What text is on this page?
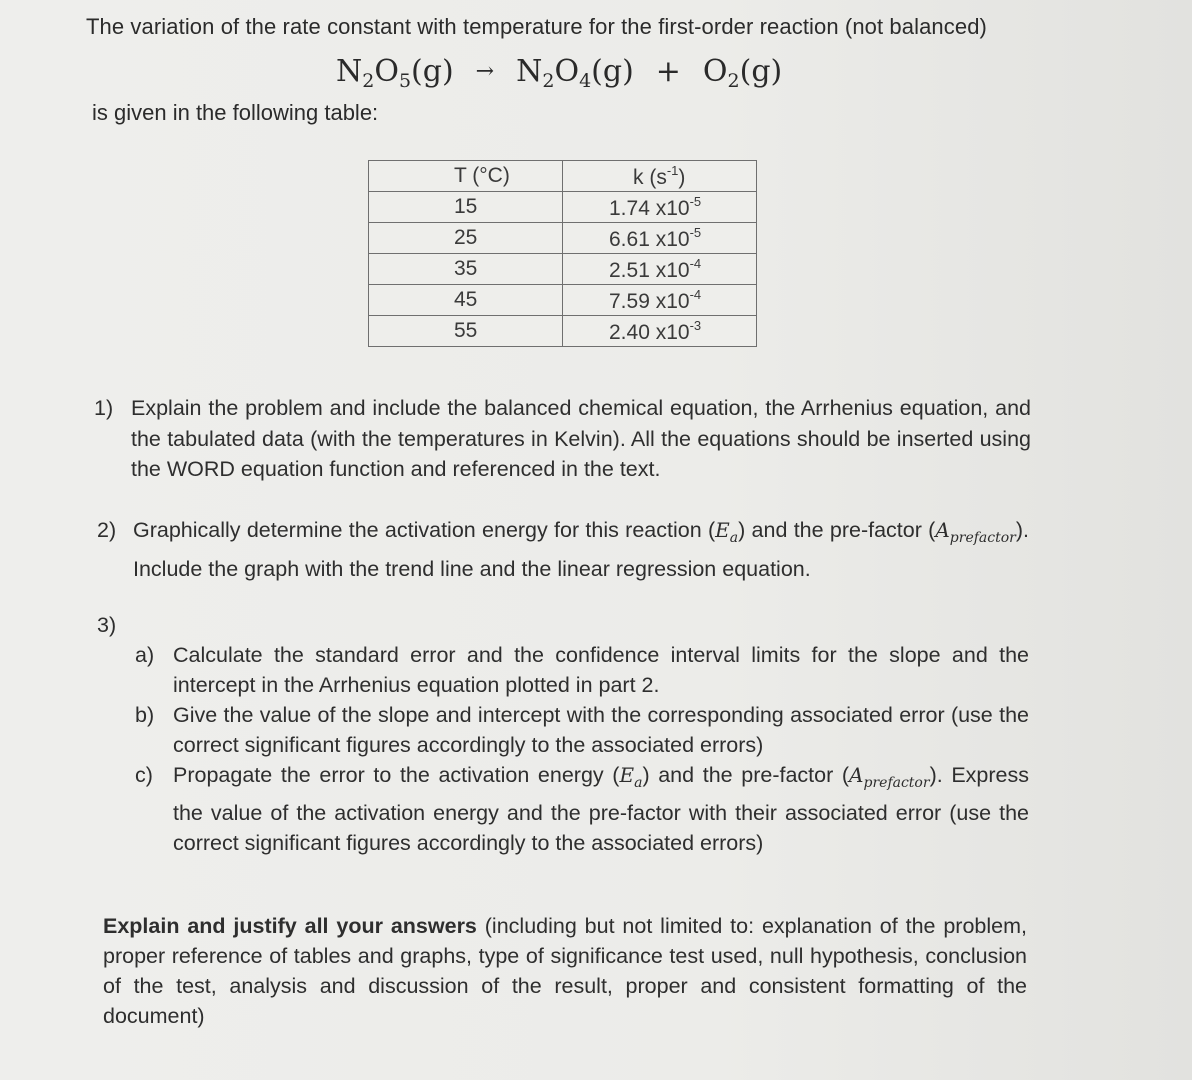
The variation of the rate constant with temperature for the first-order reaction (not balanced)
$N_2O_5(g) \to N_2O_4(g) + O_2(g)$
is given in the following table:
T (°C)	k $(s^{-1})$
15	1.74 $x10^{-5}$
25	6.61 $x10^{-5}$
35	2.51 $x10^{-4}$
45	7.59 $x10^{-4}$
55	2.40 $x10^{-3}$
1) Explain the problem and include the balanced chemical equation, the Arrhenius equation, and the tabulated data (with the temperatures in Kelvin). All the equations should be inserted using the WORD equation function and referenced in the text.
2) Graphically determine the activation energy for this reaction $(E_a)$ and the pre-factor $(A_{prefactor})$. Include the graph with the trend line and the linear regression equation.
3)
a) Calculate the standard error and the confidence interval limits for the slope and the intercept in the Arrhenius equation plotted in part 2.
b) Give the value of the slope and intercept with the corresponding associated error (use the correct significant figures accordingly to the associated errors)
c) Propagate the error to the activation energy $(E_a)$ and the pre-factor $(A_{prefactor})$. Express the value of the activation energy and the pre-factor with their associated error (use the correct significant figures accordingly to the associated errors)
Explain and justify all your answers (including but not limited to: explanation of the problem, proper reference of tables and graphs, type of significance test used, null hypothesis, conclusion of the test, analysis and discussion of the result, proper and consistent formatting of the document)
